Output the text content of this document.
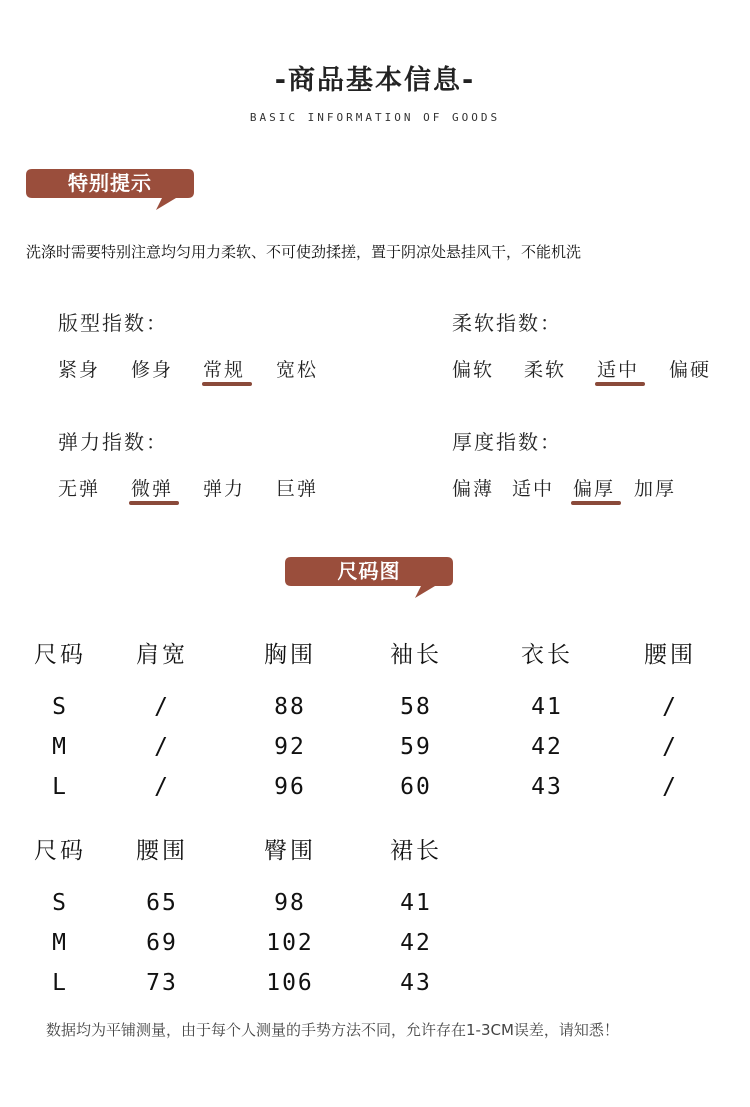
-商品基本信息-
BASIC INFORMATION OF GOODS
特别提示
洗涤时需要特别注意均匀用力柔软、不可使劲揉搓，置于阴凉处悬挂风干，不能机洗
版型指数：
紧身 修身 常规 宽松
柔软指数：
偏软 柔软 适中 偏硬
弹力指数：
无弹 微弹 弹力 巨弹
厚度指数：
偏薄 适中 偏厚 加厚
尺码图
尺码	肩宽	胸围	袖长	衣长	腰围
S	/	88	58	41	/
M	/	92	59	42	/
L	/	96	60	43	/
尺码	腰围	臀围	裙长
S	65	98	41
M	69	102	42
L	73	106	43
数据均为平铺测量，由于每个人测量的手势方法不同，允许存在1-3CM误差，请知悉！
